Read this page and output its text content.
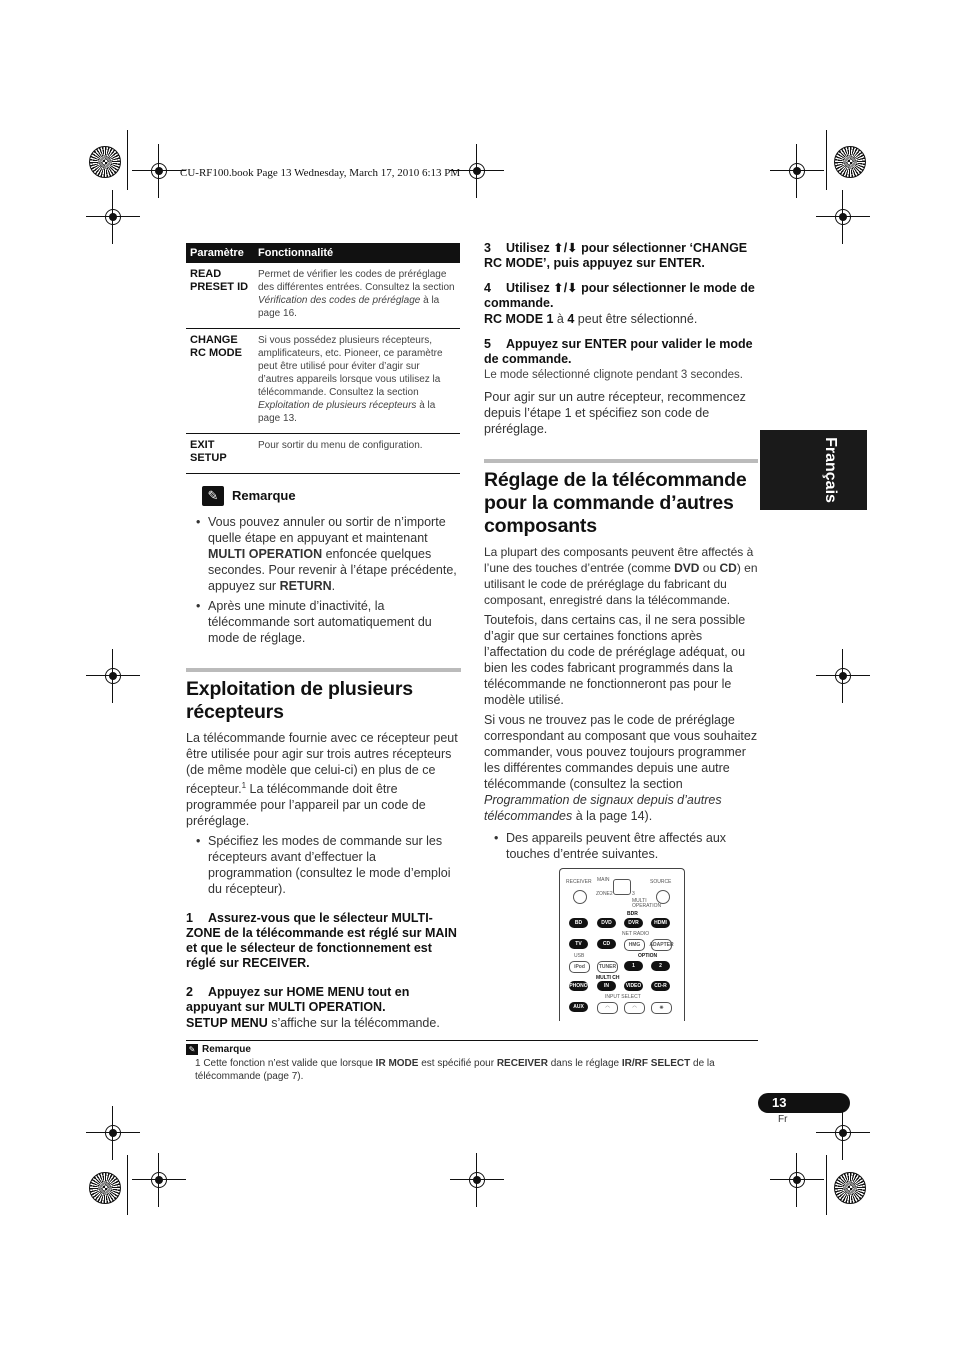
CU-RF100.book Page 13 Wednesday, March 17, 2010 6:13 PM
Paramètre	Fonctionnalité
READ PRESET ID	Permet de vérifier les codes de préréglage des différentes entrées. Consultez la section Vérification des codes de préréglage à la page 16.
CHANGE RC MODE	Si vous possédez plusieurs récepteurs, amplificateurs, etc. Pioneer, ce paramètre peut être utilisé pour éviter d’agir sur d’autres appareils lorsque vous utilisez la télécommande. Consultez la section Exploitation de plusieurs récepteurs à la page 13.
EXIT SETUP	Pour sortir du menu de configuration.
✎	Remarque
• Vous pouvez annuler ou sortir de n’importe quelle étape en appuyant et maintenant MULTI OPERATION enfoncée quelques secondes. Pour revenir à l’étape précédente, appuyez sur RETURN.
• Après une minute d’inactivité, la télécommande sort automatiquement du mode de réglage.
Exploitation de plusieurs récepteurs

La télécommande fournie avec ce récepteur peut être utilisée pour agir sur trois autres récepteurs (de même modèle que celui-ci) en plus de ce récepteur.$^1$ La télécommande doit être programmée pour l’appareil par un code de préréglage.

• Spécifiez les modes de commande sur les récepteurs avant d’effectuer la programmation (consultez le mode d’emploi du récepteur).
1 Assurez-vous que le sélecteur MULTI-ZONE de la télécommande est réglé sur MAIN et que le sélecteur de fonctionnement est réglé sur RECEIVER.
2 Appuyez sur HOME MENU tout en appuyant sur MULTI OPERATION.
SETUP MENU s’affiche sur la télécommande.
3 Utilisez ⬆/⬇ pour sélectionner ‘CHANGE RC MODE’, puis appuyez sur ENTER.
4 Utilisez ⬆/⬇ pour sélectionner le mode de commande.
RC MODE 1 à 4 peut être sélectionné.
5 Appuyez sur ENTER pour valider le mode de commande.
Le mode sélectionné clignote pendant 3 secondes.

Pour agir sur un autre récepteur, recommencez depuis l’étape 1 et spécifiez son code de préréglage.

Réglage de la télécommande pour la commande d’autres composants

La plupart des composants peuvent être affectés à l’une des touches d’entrée (comme DVD ou CD) en utilisant le code de préréglage du fabricant du composant, enregistré dans la télécommande.

Toutefois, dans certains cas, il ne sera possible d’agir que sur certaines fonctions après l’affectation du code de préréglage adéquat, ou bien les codes fabricant programmés dans la télécommande ne fonctionneront pas pour le modèle utilisé.

Si vous ne trouvez pas le code de préréglage correspondant au composant que vous souhaitez commander, vous pouvez toujours programmer les différentes commandes depuis une autre télécommande (consultez la section Programmation de signaux depuis d’autres télécommandes à la page 14).

• Des appareils peuvent être affectés aux touches d’entrée suivantes.
Français
RECEIVER	SOURCE
MAIN
ZONE2	3
MULTI OPERATION
BDR
BD	DVD	DVR	HDMI
NET RADIO
TV	CD	HMG	ADAPTER
USB	OPTION
iPod	TUNER	1	2
MULTI CH
PHONO	IN	VIDEO	CD-R
INPUT SELECT
AUX	◠	◠	✺
✎ Remarque
1 Cette fonction n’est valide que lorsque IR MODE est spécifié pour RECEIVER dans le réglage IR/RF SELECT de la télécommande (page 7).
13
Fr
